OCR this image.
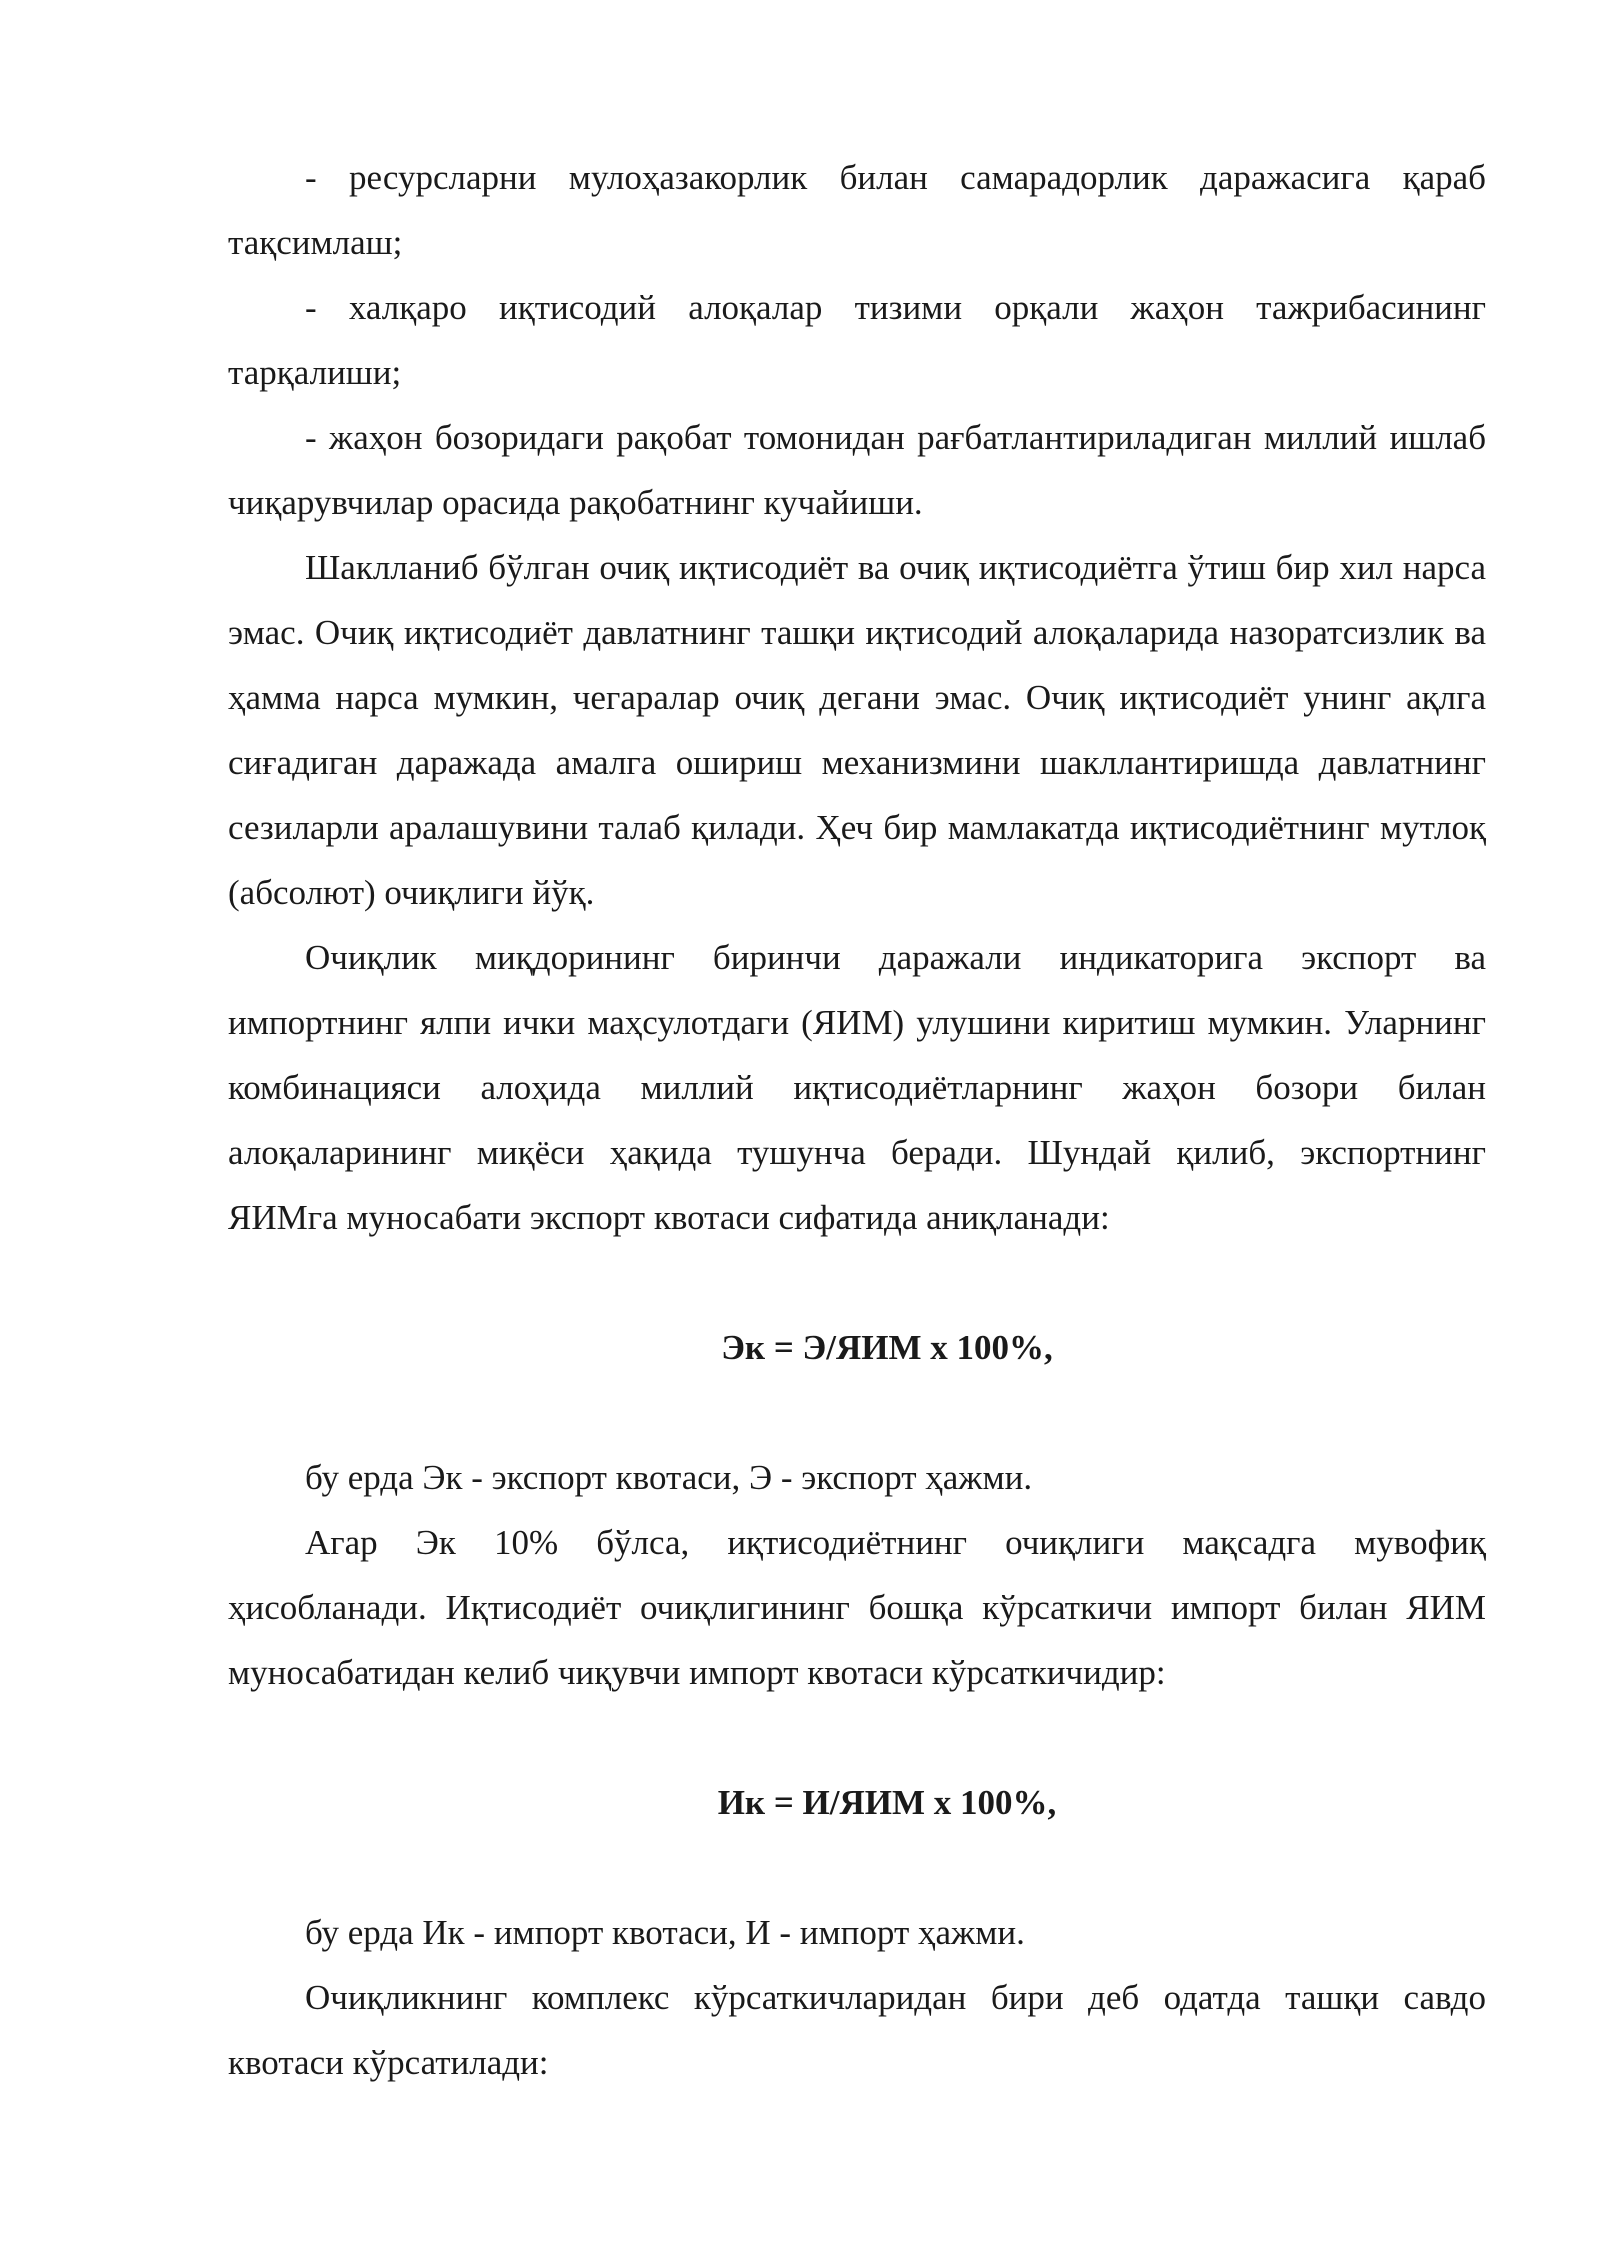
- ресурсларни мулоҳазакорлик билан самарадорлик даражасига қараб тақсимлаш;

- халқаро иқтисодий алоқалар тизими орқали жаҳон тажрибасининг тарқалиши;

- жаҳон бозоридаги рақобат томонидан рағбатлантириладиган миллий ишлаб чиқарувчилар орасида рақобатнинг кучайиши.

Шаклланиб бўлган очиқ иқтисодиёт ва очиқ иқтисодиётга ўтиш бир хил нарса эмас. Очиқ иқтисодиёт давлатнинг ташқи иқтисодий алоқаларида назоратсизлик ва ҳамма нарса мумкин, чегаралар очиқ дегани эмас. Очиқ иқтисодиёт унинг ақлга сиғадиган даражада амалга ошириш механизмини шакллантиришда давлатнинг сезиларли аралашувини талаб қилади. Ҳеч бир мамлакатда иқтисодиётнинг мутлоқ (абсолют) очиқлиги йўқ.

Очиқлик миқдорининг биринчи даражали индикаторига экспорт ва импортнинг ялпи ички маҳсулотдаги (ЯИМ) улушини киритиш мумкин. Уларнинг комбинацияси алоҳида миллий иқтисодиётларнинг жаҳон бозори билан алоқаларининг миқёси ҳақида тушунча беради. Шундай қилиб, экспортнинг ЯИМга муносабати экспорт квотаси сифатида аниқланади:

Эк = Э/ЯИМ х 100%,

бу ерда Эк - экспорт квотаси, Э - экспорт ҳажми.

Агар Эк 10% бўлса, иқтисодиётнинг очиқлиги мақсадга мувофиқ ҳисобланади. Иқтисодиёт очиқлигининг бошқа кўрсаткичи импорт билан ЯИМ муносабатидан келиб чиқувчи импорт квотаси кўрсаткичидир:

Ик = И/ЯИМ х 100%,

бу ерда Ик - импорт квотаси, И - импорт ҳажми.

Очиқликнинг комплекс кўрсаткичларидан бири деб одатда ташқи савдо квотаси кўрсатилади:
